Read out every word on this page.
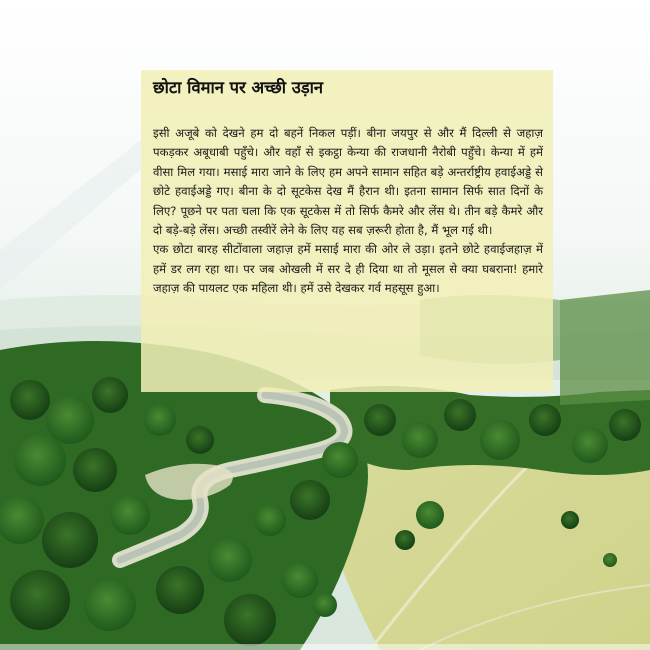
छोटा विमान पर अच्छी उड़ान

इसी अजूबे को देखने हम दो बहनें निकल पड़ीं। बीना जयपुर से और मैं दिल्ली से जहाज़ पकड़कर अबूधाबी पहुँचे। और वहाँ से इकट्ठा केन्या की राजधानी नैरोबी पहुँचे। केन्या में हमें वीसा मिल गया। मसाई मारा जाने के लिए हम अपने सामान सहित बड़े अन्तर्राष्ट्रीय हवाईअड्डे से छोटे हवाईअड्डे गए। बीना के दो सूटकेस देख मैं हैरान थी। इतना सामान सिर्फ सात दिनों के लिए? पूछने पर पता चला कि एक सूटकेस में तो सिर्फ कैमरे और लेंस थे। तीन बड़े कैमरे और दो बड़े-बड़े लेंस। अच्छी तस्वीरें लेने के लिए यह सब ज़रूरी होता है, मैं भूल गई थी।

एक छोटा बारह सीटोंवाला जहाज़ हमें मसाई मारा की ओर ले उड़ा। इतने छोटे हवाईजहाज़ में हमें डर लग रहा था। पर जब ओखली में सर दे ही दिया था तो मूसल से क्या घबराना! हमारे जहाज़ की पायलट एक महिला थी। हमें उसे देखकर गर्व महसूस हुआ।
